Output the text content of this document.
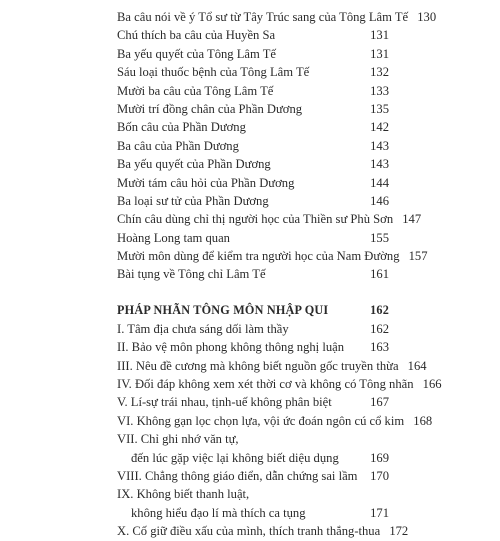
Ba câu nói về ý Tổ sư từ Tây Trúc sang của Tông Lâm Tế 130
Chú thích ba câu của Huyền Sa	131
Ba yếu quyết của Tông Lâm Tế	131
Sáu loại thuốc bệnh của Tông Lâm Tế	132
Mười ba câu của Tông Lâm Tế	133
Mười trí đồng chân của Phần Dương	135
Bốn câu của Phần Dương	142
Ba câu của Phần Dương	143
Ba yếu quyết của Phần Dương	143
Mười tám câu hỏi của Phần Dương	144
Ba loại sư tử của Phần Dương	146
Chín câu dùng chỉ thị người học của Thiền sư Phù Sơn 147
Hoàng Long tam quan	155
Mười môn dùng để kiểm tra người học của Nam Đường 157
Bài tụng về Tông chỉ Lâm Tế	161
PHÁP NHÃN TÔNG MÔN NHẬP QUI	162
I. Tâm địa chưa sáng dối làm thầy	162
II. Bảo vệ môn phong không thông nghị luận	163
III. Nêu đề cương mà không biết nguồn gốc truyền thừa 164
IV. Đối đáp không xem xét thời cơ và không có Tông nhãn 166
V. Lí-sự trái nhau, tịnh-uế không phân biệt	167
VI. Không gạn lọc chọn lựa, vội ức đoán ngôn cú cổ kim 168
VII. Chỉ ghi nhớ văn tự,
đến lúc gặp việc lại không biết diệu dụng	169
VIII. Chẳng thông giáo điển, dẫn chứng sai lầm	170
IX. Không biết thanh luật,
không hiểu đạo lí mà thích ca tụng	171
X. Cố giữ điều xấu của mình, thích tranh thắng-thua 172
